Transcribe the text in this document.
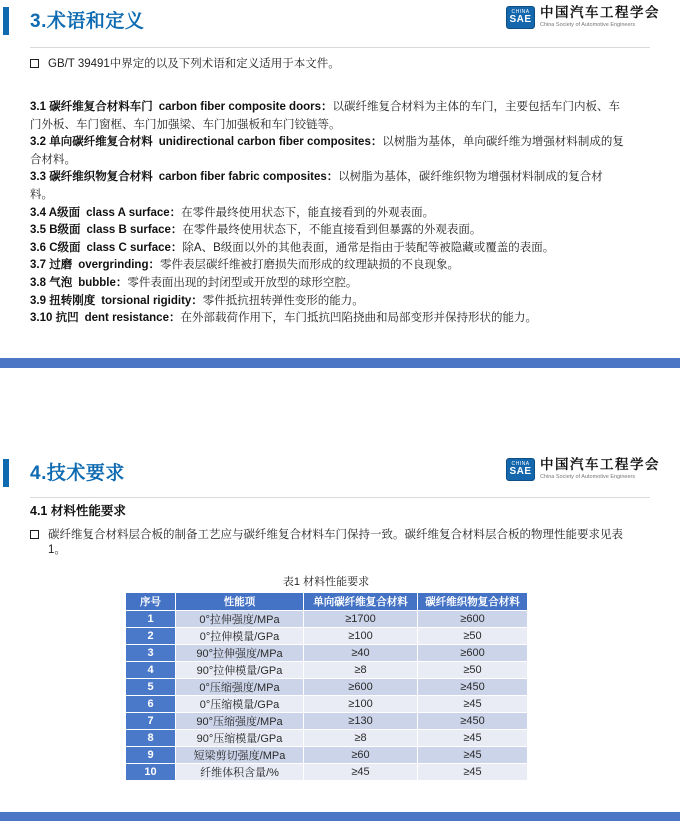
3.术语和定义	CHINA
SAE 中国汽车工程学会
China Society of Automotive Engineers
GB/T 39491中界定的以及下列术语和定义适用于本文件。
3.1 碳纤维复合材料车门 carbon fiber composite doors：以碳纤维复合材料为主体的车门，主要包括车门内板、车门外板、车门窗框、车门加强梁、车门加强板和车门铰链等。
3.2 单向碳纤维复合材料 unidirectional carbon fiber composites：以树脂为基体，单向碳纤维为增强材料制成的复合材料。
3.3 碳纤维织物复合材料 carbon fiber fabric composites：以树脂为基体，碳纤维织物为增强材料制成的复合材料。
3.4 A级面 class A surface：在零件最终使用状态下，能直接看到的外观表面。
3.5 B级面 class B surface：在零件最终使用状态下，不能直接看到但暴露的外观表面。
3.6 C级面 class C surface：除A、B级面以外的其他表面，通常是指由于装配等被隐藏或覆盖的表面。
3.7 过磨 overgrinding：零件表层碳纤维被打磨损失而形成的纹理缺损的不良现象。
3.8 气泡 bubble：零件表面出现的封闭型或开放型的球形空腔。
3.9 扭转刚度 torsional rigidity：零件抵抗扭转弹性变形的能力。
3.10 抗凹 dent resistance：在外部载荷作用下，车门抵抗凹陷挠曲和局部变形并保持形状的能力。
4.技术要求	CHINA
SAE 中国汽车工程学会
China Society of Automotive Engineers
4.1 材料性能要求
碳纤维复合材料层合板的制备工艺应与碳纤维复合材料车门保持一致。碳纤维复合材料层合板的物理性能要求见表1。
表1 材料性能要求
序号	性能项	单向碳纤维复合材料	碳纤维织物复合材料
1	0°拉伸强度/MPa	≥1700	≥600
2	0°拉伸模量/GPa	≥100	≥50
3	90°拉伸强度/MPa	≥40	≥600
4	90°拉伸模量/GPa	≥8	≥50
5	0°压缩强度/MPa	≥600	≥450
6	0°压缩模量/GPa	≥100	≥45
7	90°压缩强度/MPa	≥130	≥450
8	90°压缩模量/GPa	≥8	≥45
9	短梁剪切强度/MPa	≥60	≥45
10	纤维体积含量/%	≥45	≥45
